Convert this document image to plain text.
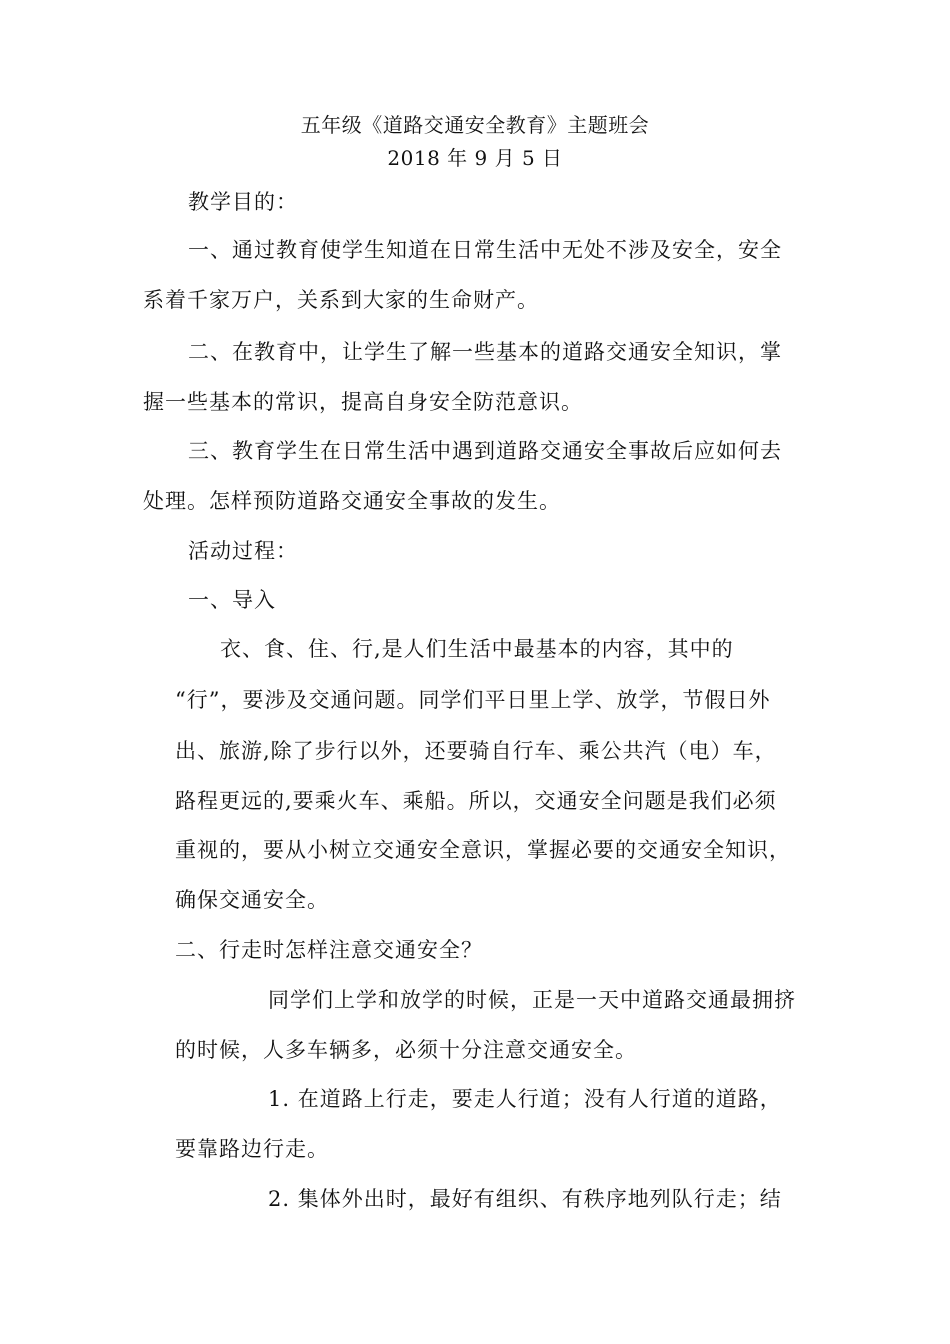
五年级《道路交通安全教育》主题班会
2018 年 9 月 5 日
教学目的：
一、通过教育使学生知道在日常生活中无处不涉及安全，安全
系着千家万户，关系到大家的生命财产。
二、在教育中，让学生了解一些基本的道路交通安全知识，掌
握一些基本的常识，提高自身安全防范意识。
三、教育学生在日常生活中遇到道路交通安全事故后应如何去
处理。怎样预防道路交通安全事故的发生。
活动过程：
一、导入
衣、食、住、行,是人们生活中最基本的内容，其中的
“行”，要涉及交通问题。同学们平日里上学、放学，节假日外
出、旅游,除了步行以外，还要骑自行车、乘公共汽（电）车，
路程更远的,要乘火车、乘船。所以，交通安全问题是我们必须
重视的，要从小树立交通安全意识，掌握必要的交通安全知识，
确保交通安全。
二、行走时怎样注意交通安全？
同学们上学和放学的时候，正是一天中道路交通最拥挤
的时候，人多车辆多，必须十分注意交通安全。
1. 在道路上行走，要走人行道；没有人行道的道路，
要靠路边行走。
2. 集体外出时，最好有组织、有秩序地列队行走；结
